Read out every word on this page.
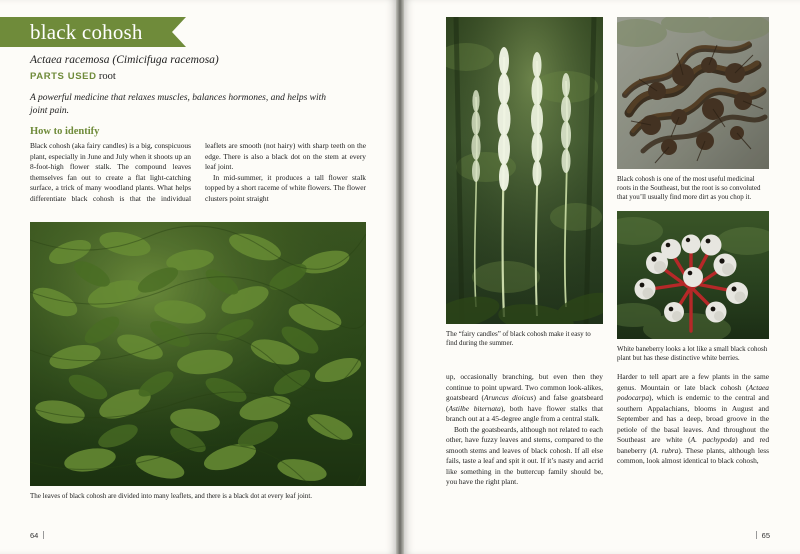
black cohosh
Actaea racemosa (Cimicifuga racemosa)
PARTS USED root
A powerful medicine that relaxes muscles, balances hormones, and helps with joint pain.
How to identify

Black cohosh (aka fairy candles) is a big, conspicuous plant, especially in June and July when it shoots up an 8-foot-high flower stalk. The compound leaves themselves fan out to create a flat light-catching surface, a trick of many woodland plants. What helps differentiate black cohosh is that the individual leaflets are smooth (not hairy) with sharp teeth on the edge. There is also a black dot on the stem at every leaf joint.

In mid-summer, it produces a tall flower stalk topped by a short raceme of white flowers. The flower clusters point straight

The leaves of black cohosh are divided into many leaflets, and there is a black dot at every leaf joint.
64
The “fairy candles” of black cohosh make it easy to find during the summer.
Black cohosh is one of the most useful medicinal roots in the Southeast, but the root is so convoluted that you’ll usually find more dirt as you chop it.
White baneberry looks a lot like a small black cohosh plant but has these distinctive white berries.

up, occasionally branching, but even then they continue to point upward. Two common look-alikes, goatsbeard (Aruncus dioicus) and false goatsbeard (Astilbe biternata), both have flower stalks that branch out at a 45-degree angle from a central stalk.

Both the goatsbeards, although not related to each other, have fuzzy leaves and stems, compared to the smooth stems and leaves of black cohosh. If all else fails, taste a leaf and spit it out. If it’s nasty and acrid like something in the buttercup family should be, you have the right plant.

Harder to tell apart are a few plants in the same genus. Mountain or late black cohosh (Actaea podocarpa), which is endemic to the central and southern Appalachians, blooms in August and September and has a deep, broad groove in the petiole of the basal leaves. And throughout the Southeast are white (A. pachypoda) and red baneberry (A. rubra). These plants, although less common, look almost identical to black cohosh,

65
